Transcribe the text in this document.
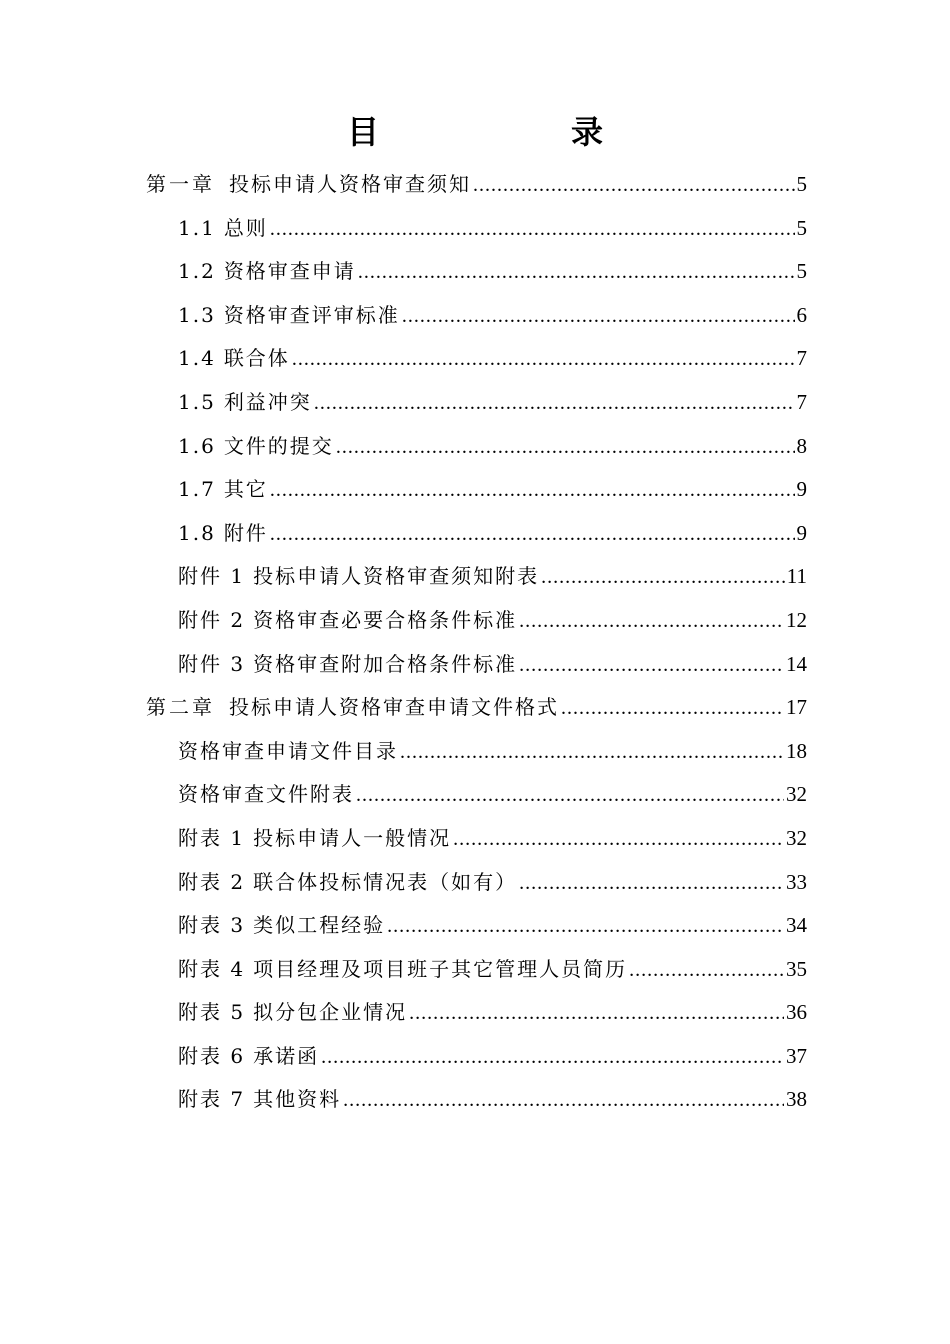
目　录
第一章 投标申请人资格审查须知 .....	5
1.1 总则 .....	5
1.2 资格审查申请 .....	5
1.3 资格审查评审标准 .....	6
1.4 联合体 .....	7
1.5 利益冲突 .....	7
1.6 文件的提交 .....	8
1.7 其它 .....	9
1.8 附件 .....	9
附件 1 投标申请人资格审查须知附表 .....	11
附件 2 资格审查必要合格条件标准 .....	12
附件 3 资格审查附加合格条件标准 .....	14
第二章 投标申请人资格审查申请文件格式 .....	17
资格审查申请文件目录 .....	18
资格审查文件附表 .....	32
附表 1 投标申请人一般情况 .....	32
附表 2 联合体投标情况表（如有） .....	33
附表 3 类似工程经验 .....	34
附表 4 项目经理及项目班子其它管理人员简历 .....	35
附表 5 拟分包企业情况 .....	36
附表 6 承诺函 .....	37
附表 7 其他资料 .....	38
